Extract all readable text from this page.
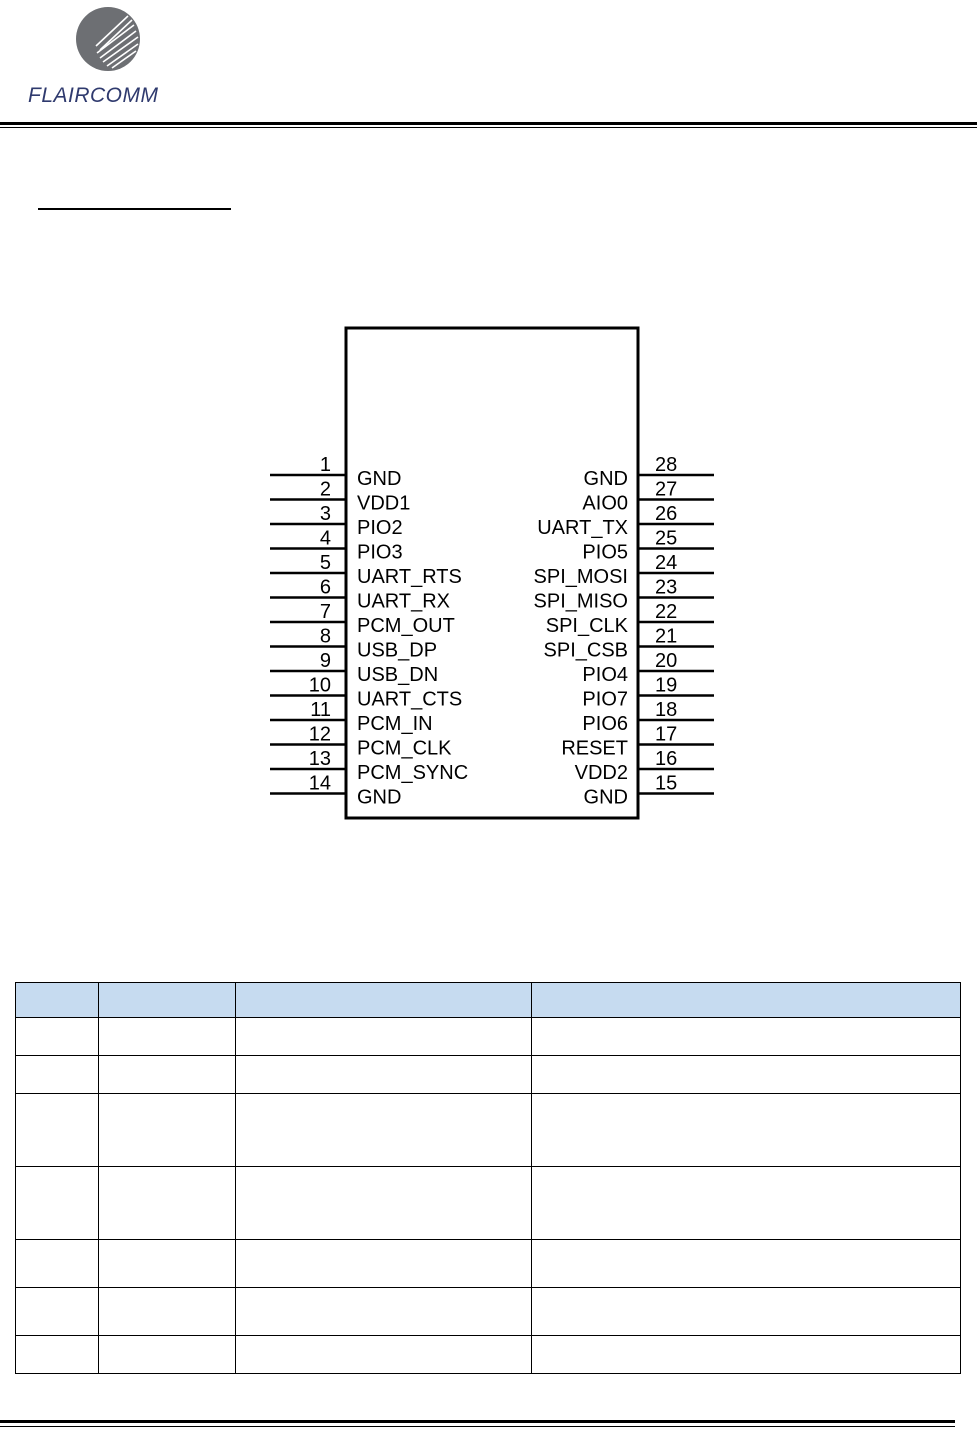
FLAIRCOMM
1
GND
2
VDD1
3
PIO2
4
PIO3
5
UART_RTS
6
UART_RX
7
PCM_OUT
8
USB_DP
9
USB_DN
10
UART_CTS
11
PCM_IN
12
PCM_CLK
13
PCM_SYNC
14
GND
28
GND 27
AIO0 26
UART_TX 25
PIO5 24
SPI_MOSI 23
SPI_MISO 22
SPI_CLK 21
SPI_CSB 20
PIO4 19
PIO7 18
PIO6 17
RESET 16
VDD2 15
GND
